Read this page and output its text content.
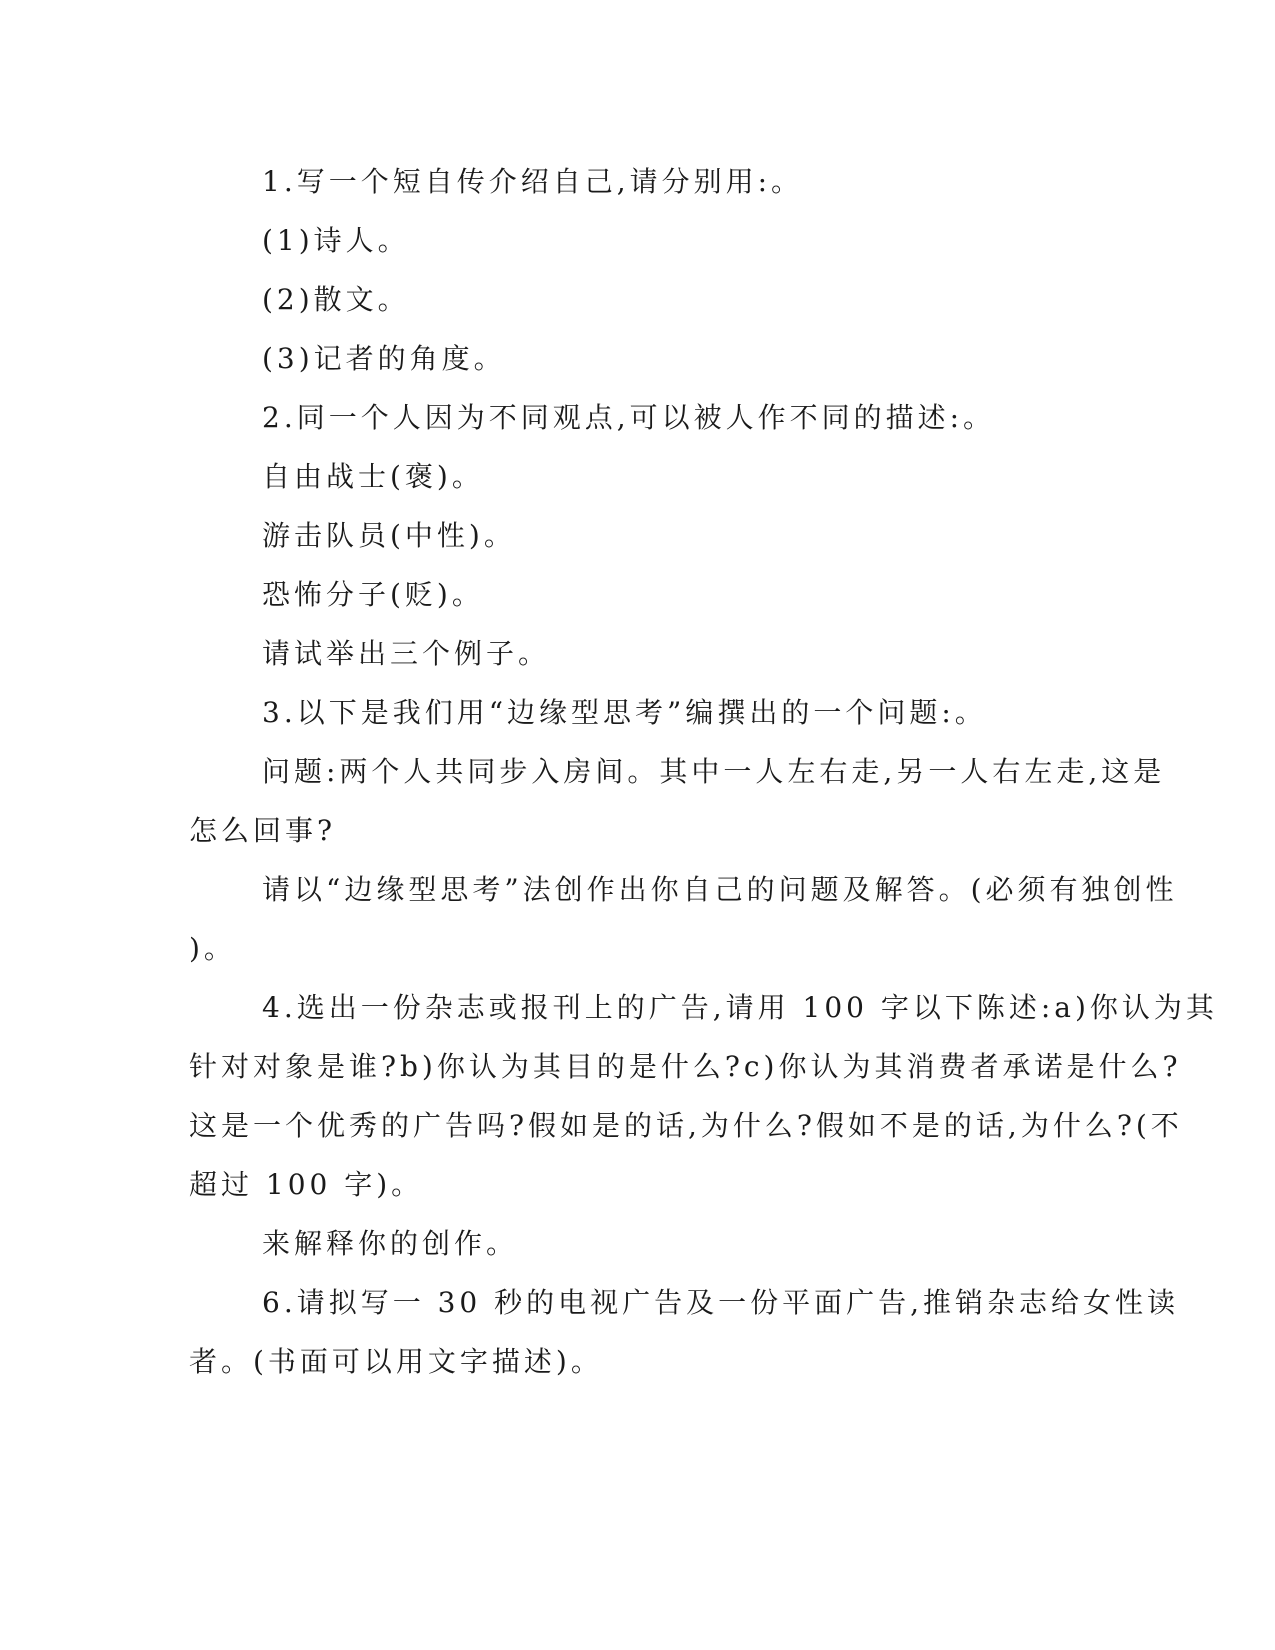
1.写一个短自传介绍自己,请分别用:。
(1)诗人。
(2)散文。
(3)记者的角度。
2.同一个人因为不同观点,可以被人作不同的描述:。
自由战士(褒)。
游击队员(中性)。
恐怖分子(贬)。
请试举出三个例子。
3.以下是我们用“边缘型思考”编撰出的一个问题:。
问题:两个人共同步入房间。其中一人左右走,另一人右左走,这是
怎么回事?
请以“边缘型思考”法创作出你自己的问题及解答。(必须有独创性
)。
4.选出一份杂志或报刊上的广告,请用 100 字以下陈述:a)你认为其
针对对象是谁?b)你认为其目的是什么?c)你认为其消费者承诺是什么?
这是一个优秀的广告吗?假如是的话,为什么?假如不是的话,为什么?(不
超过 100 字)。
来解释你的创作。
6.请拟写一 30 秒的电视广告及一份平面广告,推销杂志给女性读
者。(书面可以用文字描述)。
